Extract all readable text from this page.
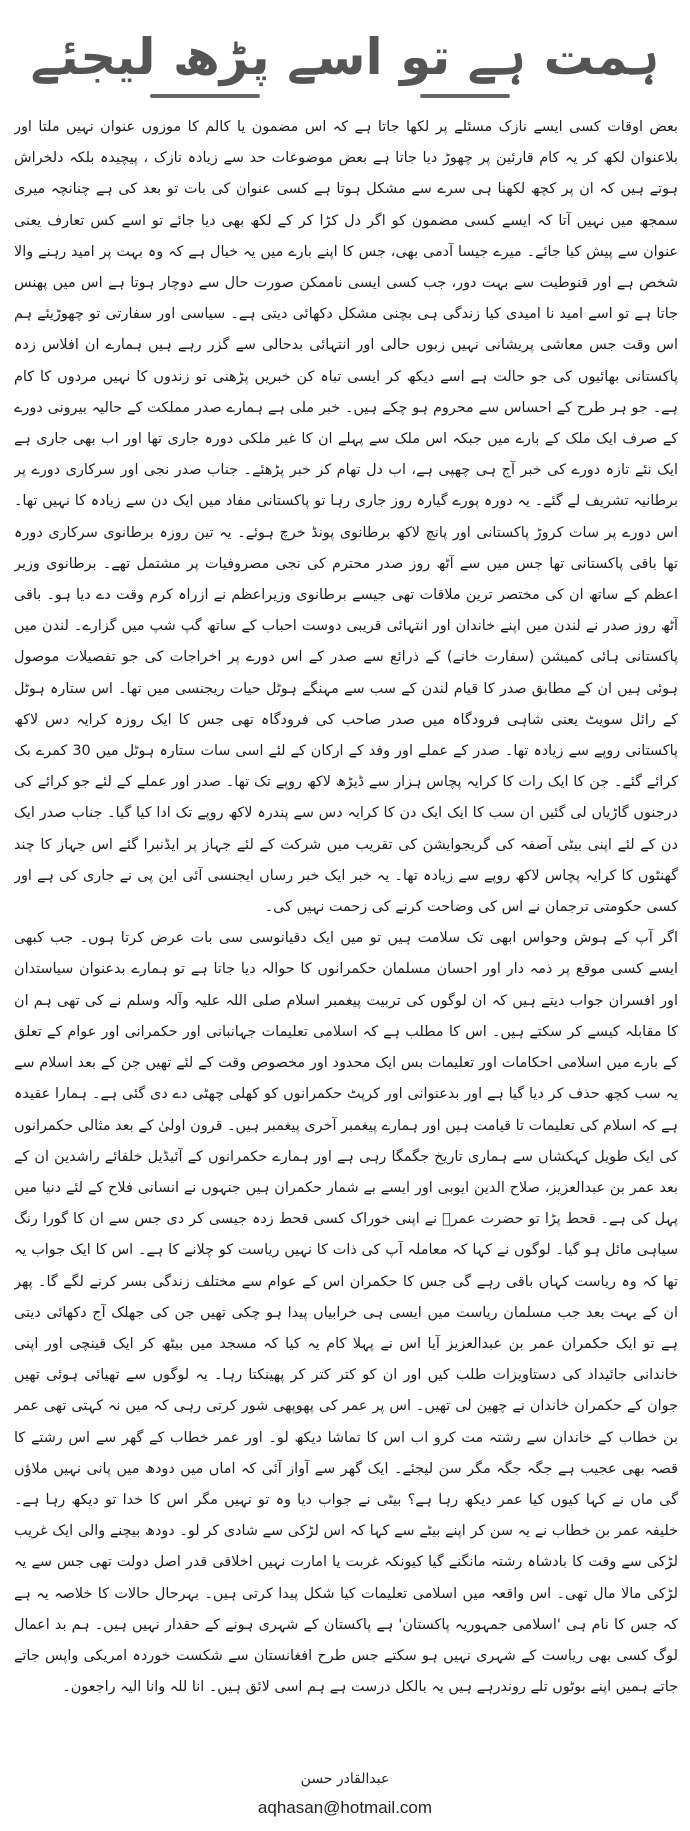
ہمت ہے تو اسے پڑھ لیجئے

بعض اوقات کسی ایسے نازک مسئلے پر لکھا جاتا ہے کہ اس مضمون یا کالم کا موزوں عنوان نہیں ملتا اور بلاعنوان لکھ کر یہ کام قارئین پر چھوڑ دیا جاتا ہے بعض موضوعات حد سے زیادہ نازک ، پیچیدہ بلکہ دلخراش ہوتے ہیں کہ ان پر کچھ لکھنا ہی سرے سے مشکل ہوتا ہے کسی عنوان کی بات تو بعد کی ہے چنانچہ میری سمجھ میں نہیں آتا کہ ایسے کسی مضمون کو اگر دل کڑا کر کے لکھ بھی دیا جائے تو اسے کس تعارف یعنی عنوان سے پیش کیا جائے۔ میرے جیسا آدمی بھی، جس کا اپنے بارے میں یہ خیال ہے کہ وہ بہت پر امید رہنے والا شخص ہے اور قنوطیت سے بہت دور، جب کسی ایسی ناممکن صورت حال سے دوچار ہوتا ہے اس میں پھنس جاتا ہے تو اسے امید نا امیدی کیا زندگی ہی بچنی مشکل دکھائی دیتی ہے۔ سیاسی اور سفارتی تو چھوڑیئے ہم اس وقت جس معاشی پریشانی نہیں زبوں حالی اور انتہائی بدحالی سے گزر رہے ہیں ہمارے ان افلاس زدہ پاکستانی بھائیوں کی جو حالت ہے اسے دیکھ کر ایسی تباہ کن خبریں پڑھنی تو زندوں کا نہیں مردوں کا کام ہے۔ جو ہر طرح کے احساس سے محروم ہو چکے ہیں۔ خبر ملی ہے ہمارے صدر مملکت کے حالیہ بیرونی دورے کے صرف ایک ملک کے بارے میں جبکہ اس ملک سے پہلے ان کا غیر ملکی دورہ جاری تھا اور اب بھی جاری ہے ایک نئے تازہ دورے کی خبر آج ہی چھپی ہے، اب دل تھام کر خبر پڑھئے۔ جناب صدر نجی اور سرکاری دورے پر برطانیہ تشریف لے گئے۔ یہ دورہ پورے گیارہ روز جاری رہا تو پاکستانی مفاد میں ایک دن سے زیادہ کا نہیں تھا۔ اس دورے پر سات کروڑ پاکستانی اور پانچ لاکھ برطانوی پونڈ خرچ ہوئے۔ یہ تین روزہ برطانوی سرکاری دورہ تھا باقی پاکستانی تھا جس میں سے آٹھ روز صدر محترم کی نجی مصروفیات پر مشتمل تھے۔ برطانوی وزیر اعظم کے ساتھ ان کی مختصر ترین ملاقات تھی جیسے برطانوی وزیراعظم نے ازراہ کرم وقت دے دیا ہو۔ باقی آٹھ روز صدر نے لندن میں اپنے خاندان اور انتہائی قریبی دوست احباب کے ساتھ گپ شپ میں گزارے۔ لندن میں پاکستانی ہائی کمیشن (سفارت خانے) کے ذرائع سے صدر کے اس دورے پر اخراجات کی جو تفصیلات موصول ہوئی ہیں ان کے مطابق صدر کا قیام لندن کے سب سے مہنگے ہوٹل حیات ریجنسی میں تھا۔ اس ستارہ ہوٹل کے رائل سویٹ یعنی شاہی فرودگاہ میں صدر صاحب کی فرودگاہ تھی جس کا ایک روزہ کرایہ دس لاکھ پاکستانی روپے سے زیادہ تھا۔ صدر کے عملے اور وفد کے ارکان کے لئے اسی سات ستارہ ہوٹل میں 30 کمرے بک کرائے گئے۔ جن کا ایک رات کا کرایہ پچاس ہزار سے ڈیڑھ لاکھ روپے تک تھا۔ صدر اور عملے کے لئے جو کرائے کی درجنوں گاڑیاں لی گئیں ان سب کا ایک ایک دن کا کرایہ دس سے پندرہ لاکھ روپے تک ادا کیا گیا۔ جناب صدر ایک دن کے لئے اپنی بیٹی آصفہ کی گریجوایشن کی تقریب میں شرکت کے لئے جہاز پر ایڈنبرا گئے اس جہاز کا چند گھنٹوں کا کرایہ پچاس لاکھ روپے سے زیادہ تھا۔ یہ خبر ایک خبر رساں ایجنسی آئی این پی نے جاری کی ہے اور کسی حکومتی ترجمان نے اس کی وضاحت کرنے کی زحمت نہیں کی۔

اگر آپ کے ہوش وحواس ابھی تک سلامت ہیں تو میں ایک دقیانوسی سی بات عرض کرتا ہوں۔ جب کبھی ایسے کسی موقع پر ذمہ دار اور احسان مسلمان حکمرانوں کا حوالہ دیا جاتا ہے تو ہمارے بدعنوان سیاستدان اور افسران جواب دیتے ہیں کہ ان لوگوں کی تربیت پیغمبر اسلام صلی اللہ علیہ وآلہ وسلم نے کی تھی ہم ان کا مقابلہ کیسے کر سکتے ہیں۔ اس کا مطلب ہے کہ اسلامی تعلیمات جہانبانی اور حکمرانی اور عوام کے تعلق کے بارے میں اسلامی احکامات اور تعلیمات بس ایک محدود اور مخصوص وقت کے لئے تھیں جن کے بعد اسلام سے یہ سب کچھ حذف کر دیا گیا ہے اور بدعنوانی اور کرپٹ حکمرانوں کو کھلی چھٹی دے دی گئی ہے۔ ہمارا عقیدہ ہے کہ اسلام کی تعلیمات تا قیامت ہیں اور ہمارے پیغمبر آخری پیغمبر ہیں۔ قرون اولیٰ کے بعد مثالی حکمرانوں کی ایک طویل کہکشاں سے ہماری تاریخ جگمگا رہی ہے اور ہمارے حکمرانوں کے آئیڈیل خلفائے راشدین ان کے بعد عمر بن عبدالعزیز، صلاح الدین ایوبی اور ایسے بے شمار حکمران ہیں جنہوں نے انسانی فلاح کے لئے دنیا میں پہل کی ہے۔ قحط پڑا تو حضرت عمرؓ نے اپنی خوراک کسی قحط زدہ جیسی کر دی جس سے ان کا گورا رنگ سیاہی مائل ہو گیا۔ لوگوں نے کہا کہ معاملہ آپ کی ذات کا نہیں ریاست کو چلانے کا ہے۔ اس کا ایک جواب یہ تھا کہ وہ ریاست کہاں باقی رہے گی جس کا حکمران اس کے عوام سے مختلف زندگی بسر کرنے لگے گا۔ پھر ان کے بہت بعد جب مسلمان ریاست میں ایسی ہی خرابیاں پیدا ہو چکی تھیں جن کی جھلک آج دکھائی دیتی ہے تو ایک حکمران عمر بن عبدالعزیز آیا اس نے پہلا کام یہ کیا کہ مسجد میں بیٹھ کر ایک قینچی اور اپنی خاندانی جائیداد کی دستاویزات طلب کیں اور ان کو کتر کتر کر پھینکتا رہا۔ یہ لوگوں سے تھیائی ہوئی تھیں جوان کے حکمران خاندان نے چھین لی تھیں۔ اس پر عمر کی پھوپھی شور کرتی رہی کہ میں نہ کہتی تھی عمر بن خطاب کے خاندان سے رشتہ مت کرو اب اس کا تماشا دیکھ لو۔ اور عمر خطاب کے گھر سے اس رشتے کا قصہ بھی عجیب ہے جگہ جگہ مگر سن لیجئے۔ ایک گھر سے آواز آئی کہ اماں میں دودھ میں پانی نہیں ملاؤں گی ماں نے کہا کیوں کیا عمر دیکھ رہا ہے؟ بیٹی نے جواب دیا وہ تو نہیں مگر اس کا خدا تو دیکھ رہا ہے۔ خلیفہ عمر بن خطاب نے یہ سن کر اپنے بیٹے سے کہا کہ اس لڑکی سے شادی کر لو۔ دودھ بیچنے والی ایک غریب لڑکی سے وقت کا بادشاہ رشتہ مانگنے گیا کیونکہ غربت یا امارت نہیں اخلاقی قدر اصل دولت تھی جس سے یہ لڑکی مالا مال تھی۔ اس واقعہ میں اسلامی تعلیمات کیا شکل پیدا کرتی ہیں۔ بہرحال حالات کا خلاصہ یہ ہے کہ جس کا نام ہی 'اسلامی جمہوریہ پاکستان' ہے پاکستان کے شہری ہونے کے حقدار نہیں ہیں۔ ہم بد اعمال لوگ کسی بھی ریاست کے شہری نہیں ہو سکتے جس طرح افغانستان سے شکست خوردہ امریکی واپس جاتے جاتے ہمیں اپنے بوٹوں تلے روندرہے ہیں یہ بالکل درست ہے ہم اسی لائق ہیں۔ انا للہ وانا الیہ راجعون۔

عبدالقادر حسن
aqhasan@hotmail.com
